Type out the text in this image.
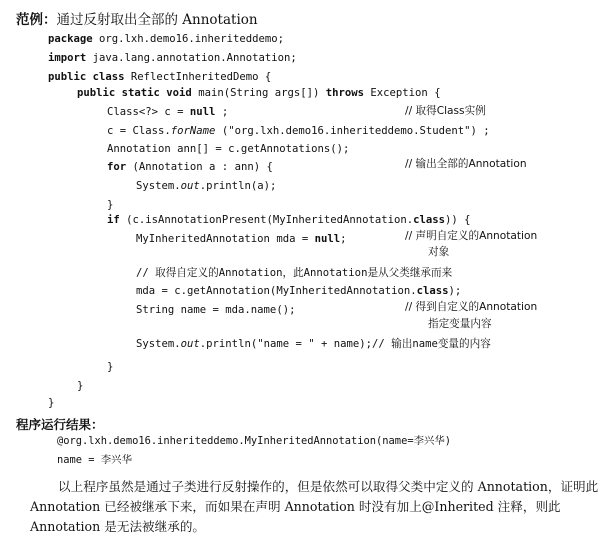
范例：通过反射取出全部的 Annotation
package org.lxh.demo16.inheriteddemo;
import java.lang.annotation.Annotation;
public class ReflectInheritedDemo {
public static void main(String args[]) throws Exception {
Class<?> c = null ;	// 取得Class实例
c = Class.forName ("org.lxh.demo16.inheriteddemo.Student") ;
Annotation ann[] = c.getAnnotations();
for (Annotation a : ann) {	// 输出全部的Annotation
System.out.println(a);
}
if (c.isAnnotationPresent(MyInheritedAnnotation.class)) {
MyInheritedAnnotation mda = null;	// 声明自定义的Annotation
对象
// 取得自定义的Annotation，此Annotation是从父类继承而来
mda = c.getAnnotation(MyInheritedAnnotation.class);
String name = mda.name();	// 得到自定义的Annotation
指定变量内容
System.out.println("name = " + name);// 输出name变量的内容
}
}
}
程序运行结果：
@org.lxh.demo16.inheriteddemo.MyInheritedAnnotation(name=李兴华)
name = 李兴华
以上程序虽然是通过子类进行反射操作的，但是依然可以取得父类中定义的 Annotation，证明此 Annotation 已经被继承下来，而如果在声明 Annotation 时没有加上@Inherited 注释，则此 Annotation 是无法被继承的。
